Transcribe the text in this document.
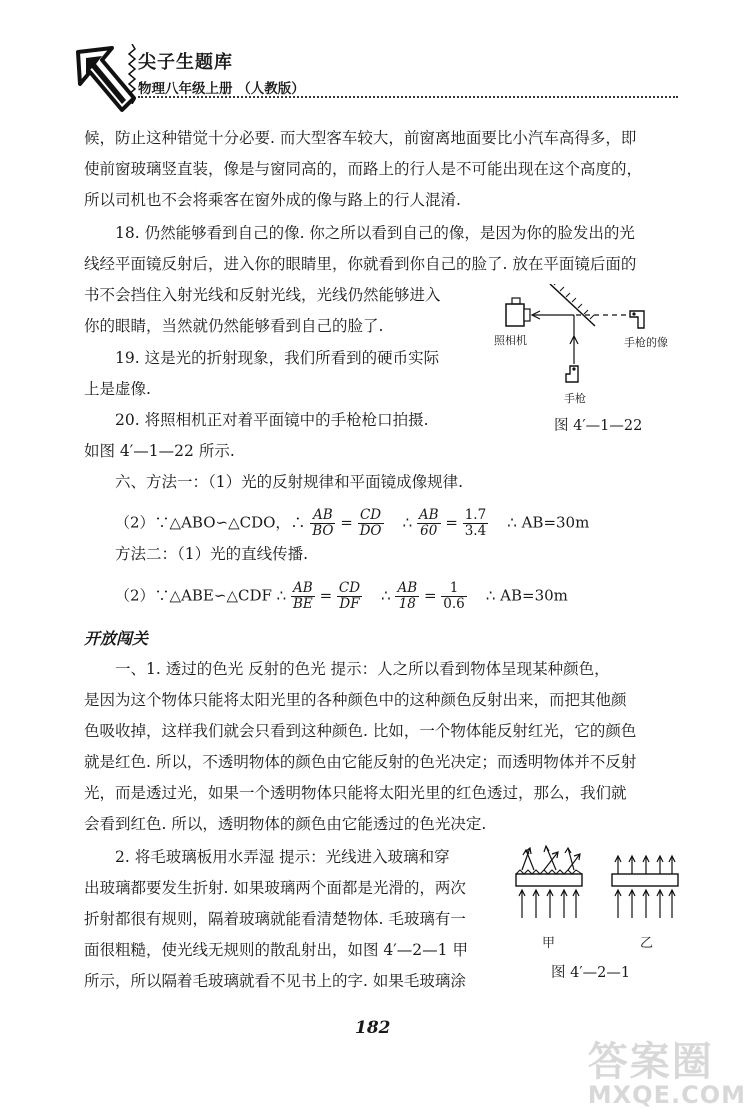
尖子生题库
物理八年级上册 （人教版）
候，防止这种错觉十分必要. 而大型客车较大，前窗离地面要比小汽车高得多，即
使前窗玻璃竖直装，像是与窗同高的，而路上的行人是不可能出现在这个高度的，
所以司机也不会将乘客在窗外成的像与路上的行人混淆.
18. 仍然能够看到自己的像. 你之所以看到自己的像，是因为你的脸发出的光
线经平面镜反射后，进入你的眼睛里，你就看到你自己的脸了. 放在平面镜后面的
书不会挡住入射光线和反射光线，光线仍然能够进入
你的眼睛，当然就仍然能够看到自己的脸了.
19. 这是光的折射现象，我们所看到的硬币实际
上是虚像.
20. 将照相机正对着平面镜中的手枪枪口拍摄.
如图 4′—1—22 所示.
照相机	手枪的像
手枪
图 4′—1—22
六、方法一：（1）光的反射规律和平面镜成像规律.
（2）∵△ABO∽△CDO，∴ $\frac{AB}{BO} = \frac{CD}{DO}$ ∴ $\frac{AB}{60} = \frac{1.7}{3.4}$ ∴ AB=30m
方法二：（1）光的直线传播.
（2）∵△ABE∽△CDF ∴ $\frac{AB}{BE} = \frac{CD}{DF}$ ∴ $\frac{AB}{18} = \frac{1}{0.6}$ ∴ AB=30m
开放闯关
一、1. 透过的色光 反射的色光 提示：人之所以看到物体呈现某种颜色，
是因为这个物体只能将太阳光里的各种颜色中的这种颜色反射出来，而把其他颜
色吸收掉，这样我们就会只看到这种颜色. 比如，一个物体能反射红光，它的颜色
就是红色. 所以，不透明物体的颜色由它能反射的色光决定；而透明物体并不反射
光，而是透过光，如果一个透明物体只能将太阳光里的红色透过，那么，我们就
会看到红色. 所以，透明物体的颜色由它能透过的色光决定.
2. 将毛玻璃板用水弄湿 提示：光线进入玻璃和穿
出玻璃都要发生折射. 如果玻璃两个面都是光滑的，两次
折射都很有规则，隔着玻璃就能看清楚物体. 毛玻璃有一
面很粗糙，使光线无规则的散乱射出，如图 4′—2—1 甲
所示，所以隔着毛玻璃就看不见书上的字. 如果毛玻璃涂
甲	乙
图 4′—2—1
182
答案圈
MXQE.COM
